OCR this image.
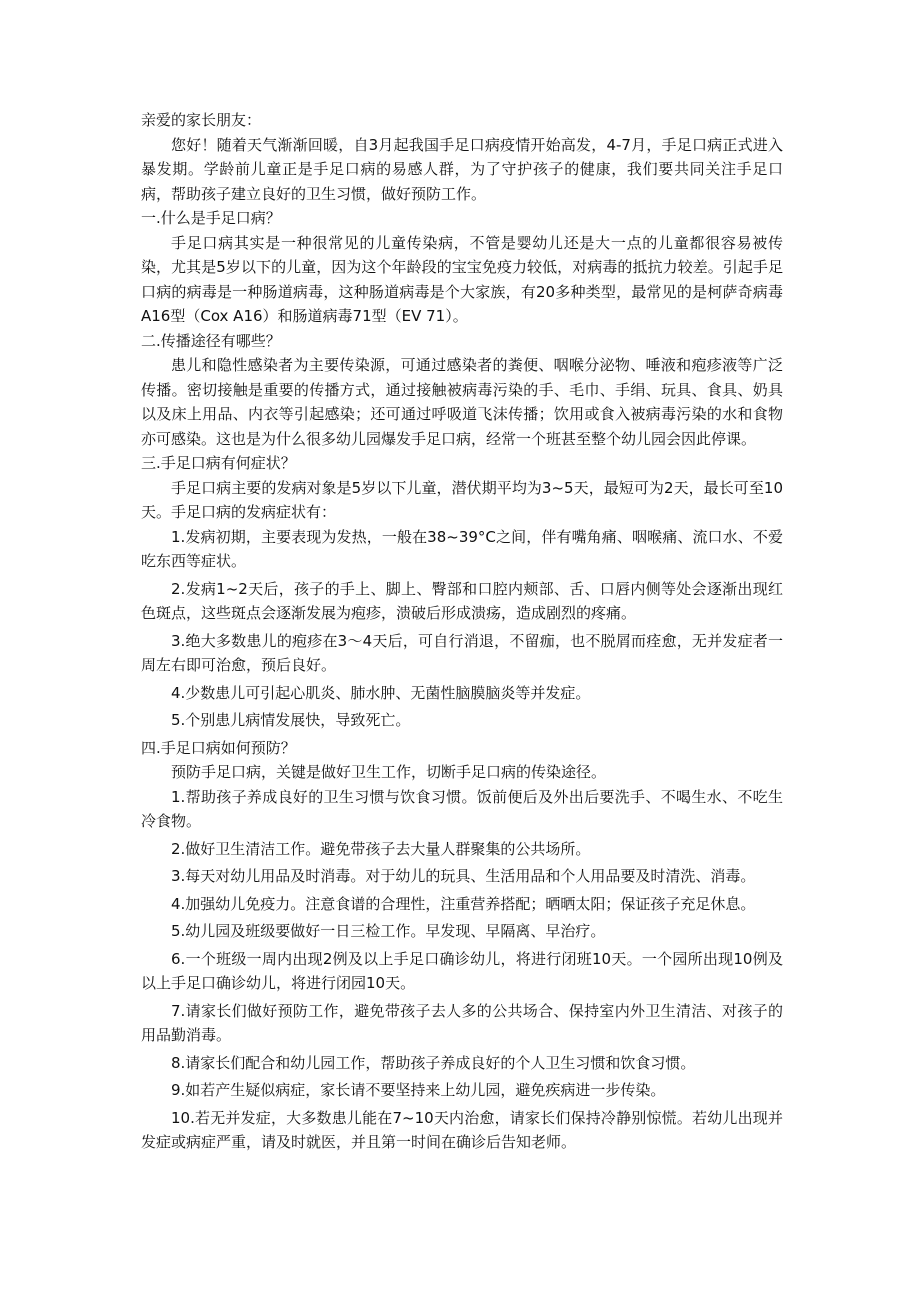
亲爱的家长朋友：

您好！随着天气渐渐回暖，自3月起我国手足口病疫情开始高发，4-7月，手足口病正式进入暴发期。学龄前儿童正是手足口病的易感人群，为了守护孩子的健康，我们要共同关注手足口病，帮助孩子建立良好的卫生习惯，做好预防工作。

一.什么是手足口病？

手足口病其实是一种很常见的儿童传染病，不管是婴幼儿还是大一点的儿童都很容易被传染，尤其是5岁以下的儿童，因为这个年龄段的宝宝免疫力较低，对病毒的抵抗力较差。引起手足口病的病毒是一种肠道病毒，这种肠道病毒是个大家族，有20多种类型，最常见的是柯萨奇病毒A16型（Cox A16）和肠道病毒71型（EV 71）。

二.传播途径有哪些？

患儿和隐性感染者为主要传染源，可通过感染者的粪便、咽喉分泌物、唾液和疱疹液等广泛传播。密切接触是重要的传播方式，通过接触被病毒污染的手、毛巾、手绢、玩具、食具、奶具以及床上用品、内衣等引起感染；还可通过呼吸道飞沫传播；饮用或食入被病毒污染的水和食物亦可感染。这也是为什么很多幼儿园爆发手足口病，经常一个班甚至整个幼儿园会因此停课。

三.手足口病有何症状？

手足口病主要的发病对象是5岁以下儿童，潜伏期平均为3~5天，最短可为2天，最长可至10天。手足口病的发病症状有：

1.发病初期，主要表现为发热，一般在38~39°C之间，伴有嘴角痛、咽喉痛、流口水、不爱吃东西等症状。

2.发病1~2天后，孩子的手上、脚上、臀部和口腔内颊部、舌、口唇内侧等处会逐渐出现红色斑点，这些斑点会逐渐发展为疱疹，溃破后形成溃疡，造成剧烈的疼痛。

3.绝大多数患儿的疱疹在3～4天后，可自行消退，不留痂，也不脱屑而痊愈，无并发症者一周左右即可治愈，预后良好。

4.少数患儿可引起心肌炎、肺水肿、无菌性脑膜脑炎等并发症。

5.个别患儿病情发展快，导致死亡。

四.手足口病如何预防？

预防手足口病，关键是做好卫生工作，切断手足口病的传染途径。

1.帮助孩子养成良好的卫生习惯与饮食习惯。饭前便后及外出后要洗手、不喝生水、不吃生冷食物。

2.做好卫生清洁工作。避免带孩子去大量人群聚集的公共场所。

3.每天对幼儿用品及时消毒。对于幼儿的玩具、生活用品和个人用品要及时清洗、消毒。

4.加强幼儿免疫力。注意食谱的合理性，注重营养搭配；晒晒太阳；保证孩子充足休息。

5.幼儿园及班级要做好一日三检工作。早发现、早隔离、早治疗。

6.一个班级一周内出现2例及以上手足口确诊幼儿，将进行闭班10天。一个园所出现10例及以上手足口确诊幼儿，将进行闭园10天。

7.请家长们做好预防工作，避免带孩子去人多的公共场合、保持室内外卫生清洁、对孩子的用品勤消毒。

8.请家长们配合和幼儿园工作，帮助孩子养成良好的个人卫生习惯和饮食习惯。

9.如若产生疑似病症，家长请不要坚持来上幼儿园，避免疾病进一步传染。

10.若无并发症，大多数患儿能在7~10天内治愈，请家长们保持冷静别惊慌。若幼儿出现并发症或病症严重，请及时就医，并且第一时间在确诊后告知老师。
